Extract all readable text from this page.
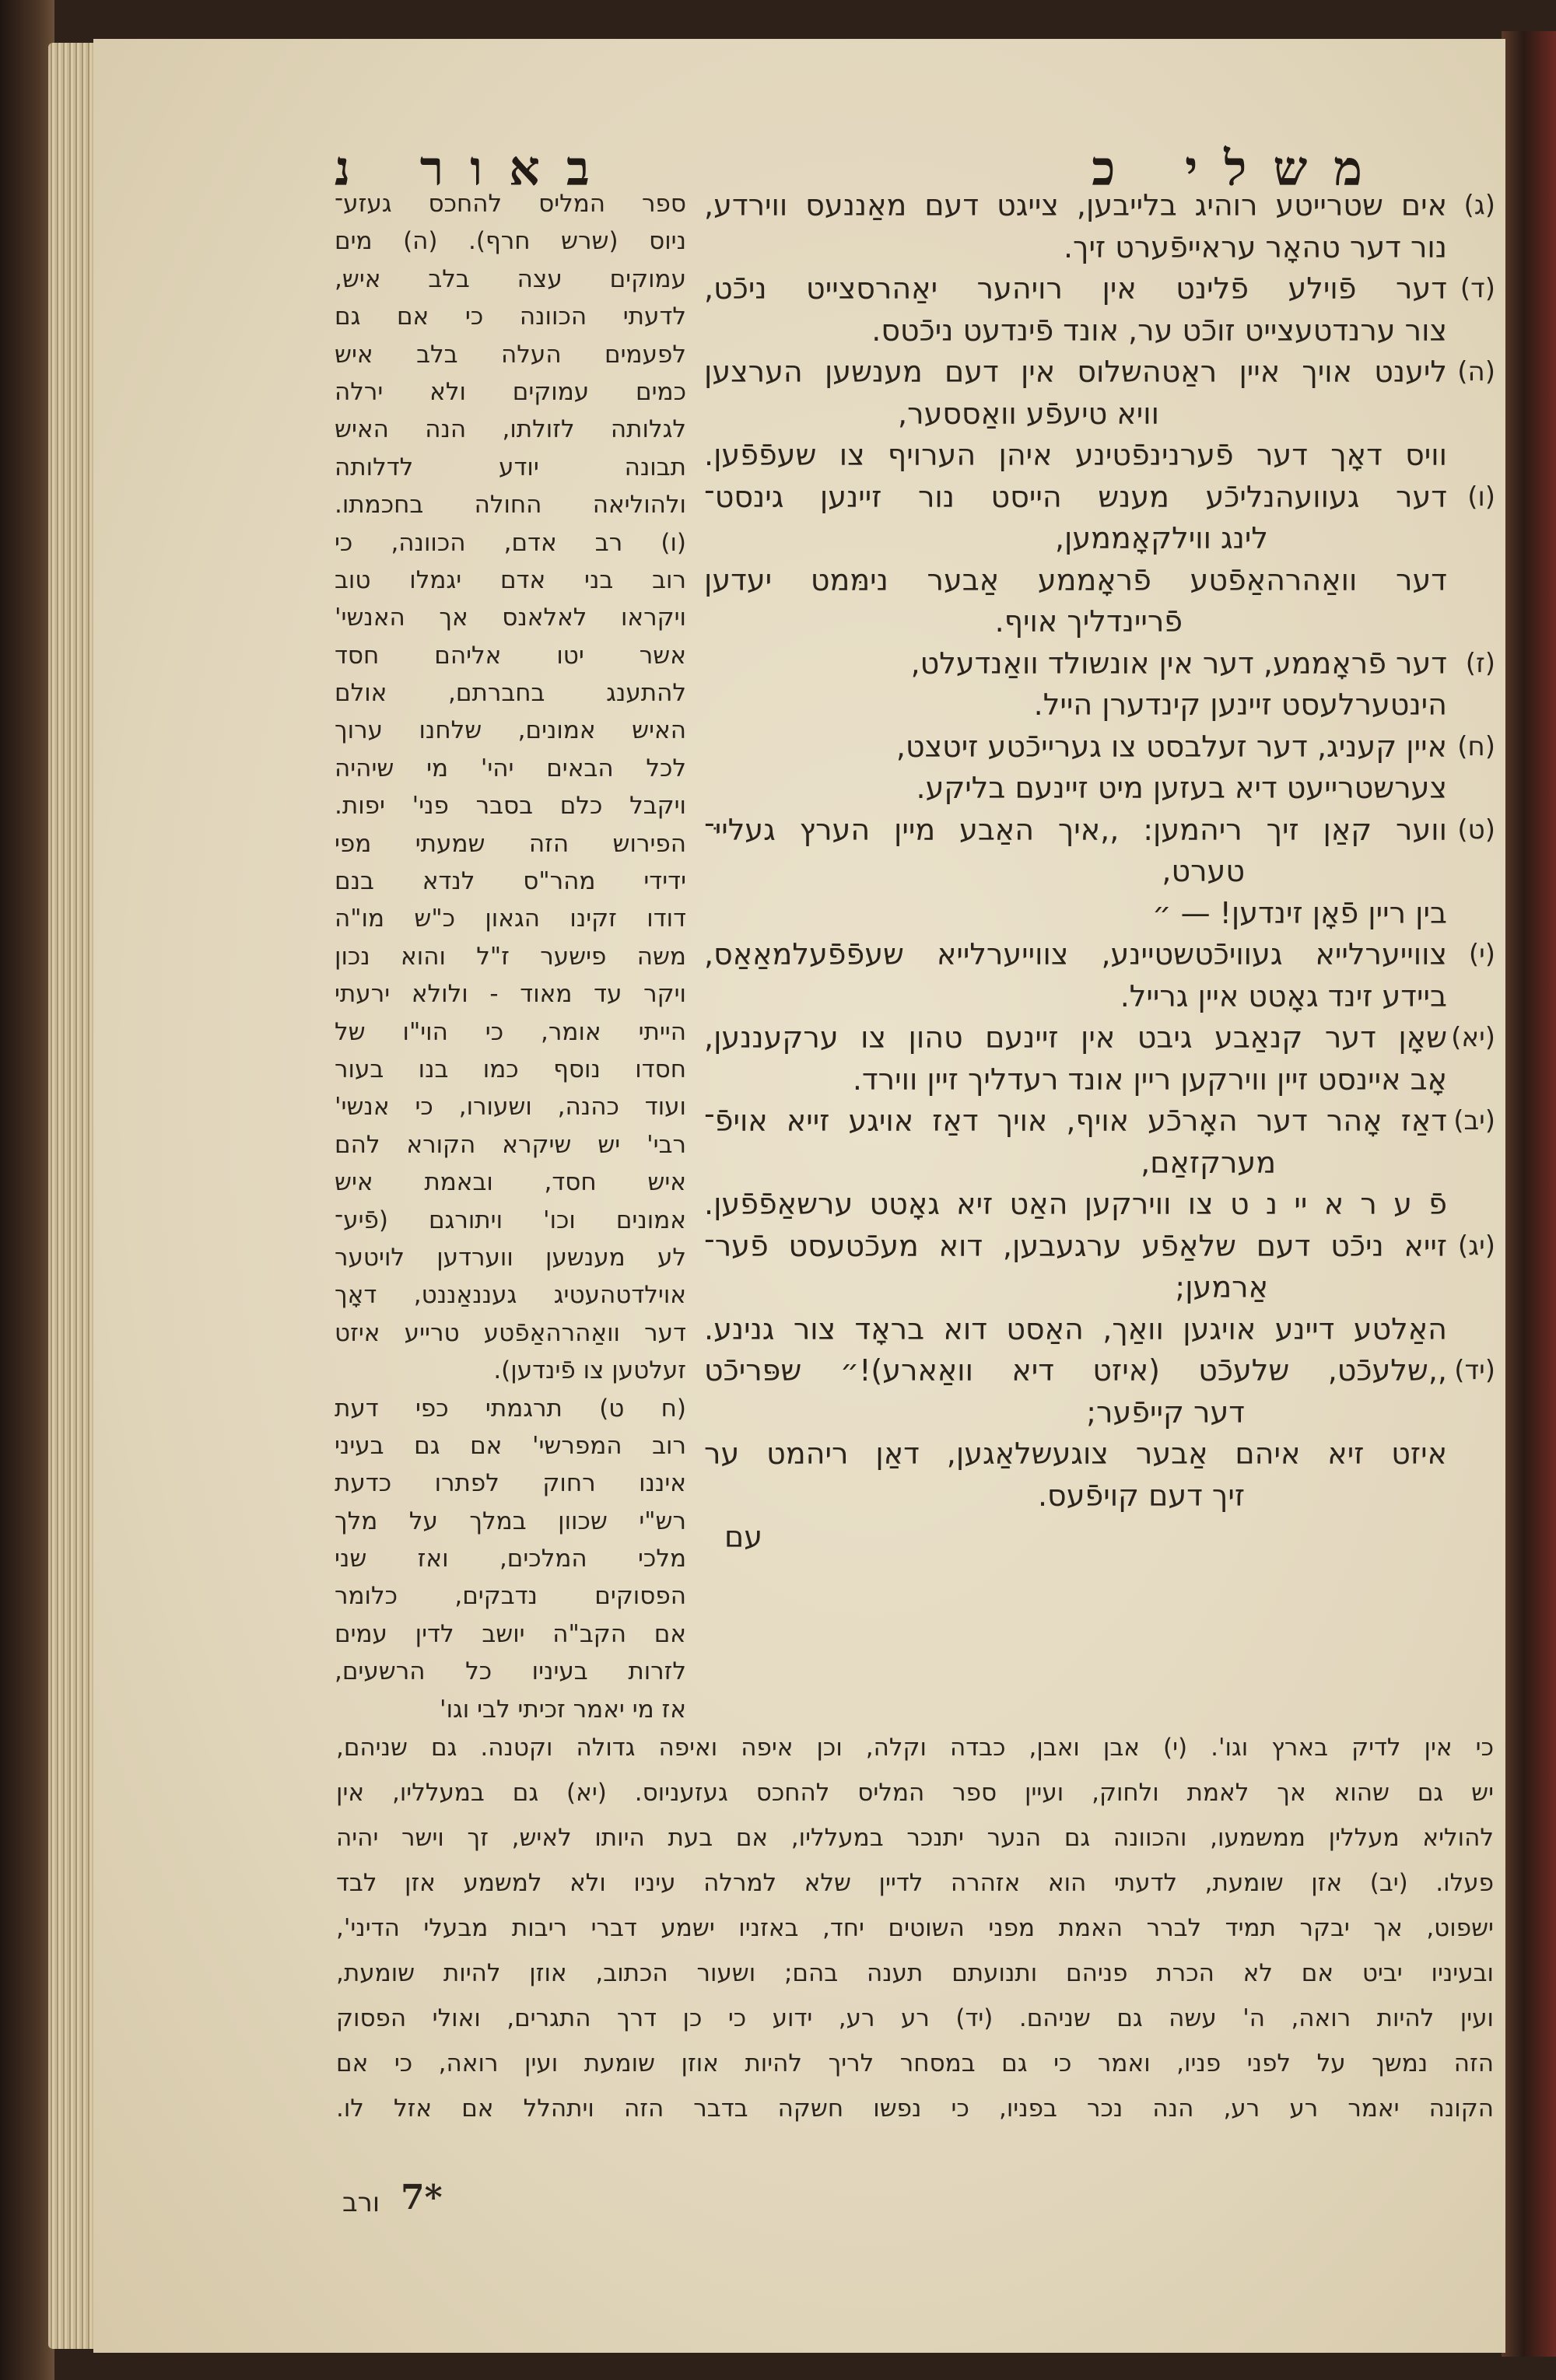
משלי כ
באור נ
(ג)
אים שטרייטע רוהיג בלייבען, צייגט דעם מאַננעס ווירדע,
נור דער טהאָר עראייפֿערט זיך.
(ד)
דער פֿוילע פֿלינט אין רויהער יאַהרסצייט ניכֿט,
צור ערנדטעצייט זוכֿט ער, אונד פֿינדעט ניכֿטס.
(ה)
ליענט אויך איין ראַטהשלוס אין דעם מענשען הערצען
וויא טיעפֿע וואַססער,
וויס דאָך דער פֿערנינפֿטינע איהן הערויף צו שעפֿפֿען.
(ו)
דער געוועהנליכֿע מענש הייסט נור זיינען גינסט־
לינג ווילקאָממען,
דער וואַהרהאַפֿטע פֿראָממע אַבער נימּמט יעדען
פֿריינדליך אויף.
(ז)
דער פֿראָממע, דער אין אונשולד וואַנדעלט,
הינטערלעסט זיינען קינדערן הייל.
(ח)
איין קעניג, דער זעלבסט צו גערייכֿטע זיטצט,
צערשטרייעט דיא בעזען מיט זיינעם בליקע.
(ט)
ווער קאַן זיך ריהמען: ,,איך האַבע מיין הערץ געלייּ־
טערט,
בין ריין פֿאָן זינדען! — ״
(י)
צווייערלייא געוויכֿטשטיינע, צווייערלייא שעפֿפֿעלמאַאַס,
ביידע זינד גאָטט איין גרייל.
(יא)
שאָן דער קנאַבע גיבט אין זיינעם טהון צו ערקעננען,
אָב איינסט זיין ווירקען ריין אונד רעדליך זיין ווירד.
(יב)
דאַז אָהר דער האָרכֿע אויף, אויך דאַז אויגע זייא אויפֿ־
מערקזאַם,
פֿ ע ר א יי נ ט צו ווירקען האַט זיא גאָטט ערשאַפֿפֿען.
(יג)
זייא ניכֿט דעם שלאַפֿע ערגעבען, דוא מעכֿטעסט פֿער־
אַרמען;
האַלטע דיינע אויגען וואַך, האַסט דוא בראָד צור גנינע.
(יד)
,,שלעכֿט, שלעכֿט (איזט דיא וואַארע)!״ שפּריכֿט
דער קייפֿער;
איזט זיא איהם אַבער צוגעשלאַגען, דאַן ריהמט ער
זיך דעם קויפֿעס.
עם
ספר המליס להחכס געזע־
ניוס (שרש חרף). (ה) מים
עמוקים עצה בלב איש,
לדעתי הכוונה כי אם גם
לפעמים העלה בלב איש
כמים עמוקים ולא ירלה
לגלותה לזולתו, הנה האיש
תבונה יודע לדלותה
ולהוליאה החולה בחכמתו.
(ו) רב אדם, הכוונה, כי
רוב בני אדם יגמלו טוב
ויקראו לאלאנס אך האנשי'
אשר יטו אליהם חסד
להתענג בחברתם, אולם
האיש אמונים, שלחנו ערוך
לכל הבאים יהי' מי שיהיה
ויקבל כלם בסבר פני' יפות.
הפירוש הזה שמעתי מפי
ידידי מהר"ס לנדא בנם
דודו זקינו הגאון כ"ש מו"ה
משה פישער ז"ל והוא נכון
ויקר עד מאוד - ולולא ירעתי
הייתי אומר, כי הוי"ו של
חסדו נוסף כמו בנו בעור
ועוד כהנה, ושעורו, כי אנשי'
רבי' יש שיקרא הקורא להם
איש חסד, ובאמת איש
אמונים וכו' ויתורגם (פֿיע־
לע מענשען ווערדען לויטער
אוילדטהעטיג געננאַננט, דאָך
דער וואַהרהאַפֿטע טרייע איזט
זעלטען צו פֿינדען).
(ח ט) תרגמתי כפי דעת
רוב המפרשי' אם גם בעיני
איננו רחוק לפתרו כדעת
רש"י שכוון במלך על מלך
מלכי המלכים, ואז שני
הפסוקים נדבקים, כלומר
אם הקב"ה יושב לדין עמים
לזרות בעיניו כל הרשעים,
אז מי יאמר זכיתי לבי וגו'
כי אין לדיק בארץ וגו'. (י) אבן ואבן, כבדה וקלה, וכן איפה ואיפה גדולה וקטנה. גם שניהם,
יש גם שהוא אך לאמת ולחוק, ועיין ספר המליס להחכס געזעניוס. (יא) גם במעלליו, אין
להוליא מעללין ממשמעו, והכוונה גם הנער יתנכר במעלליו, אם בעת היותו לאיש, זך וישר יהיה
פעלו. (יב) אזן שומעת, לדעתי הוא אזהרה לדיין שלא למרלה עיניו ולא למשמע אזן לבד
ישפוט, אך יבקר תמיד לברר האמת מפני השוטים יחד, באזניו ישמע דברי ריבות מבעלי הדיני',
ובעיניו יביט אם לא הכרת פניהם ותנועתם תענה בהם; ושעור הכתוב, אוזן להיות שומעת,
ועין להיות רואה, ה' עשה גם שניהם. (יד) רע רע, ידוע כי כן דרך התגרים, ואולי הפסוק
הזה נמשך על לפני פניו, ואמר כי גם במסחר לריך להיות אוזן שומעת ועין רואה, כי אם
הקונה יאמר רע רע, הנה נכר בפניו, כי נפשו חשקה בדבר הזה ויתהלל אם אזל לו.
7*
ורב
